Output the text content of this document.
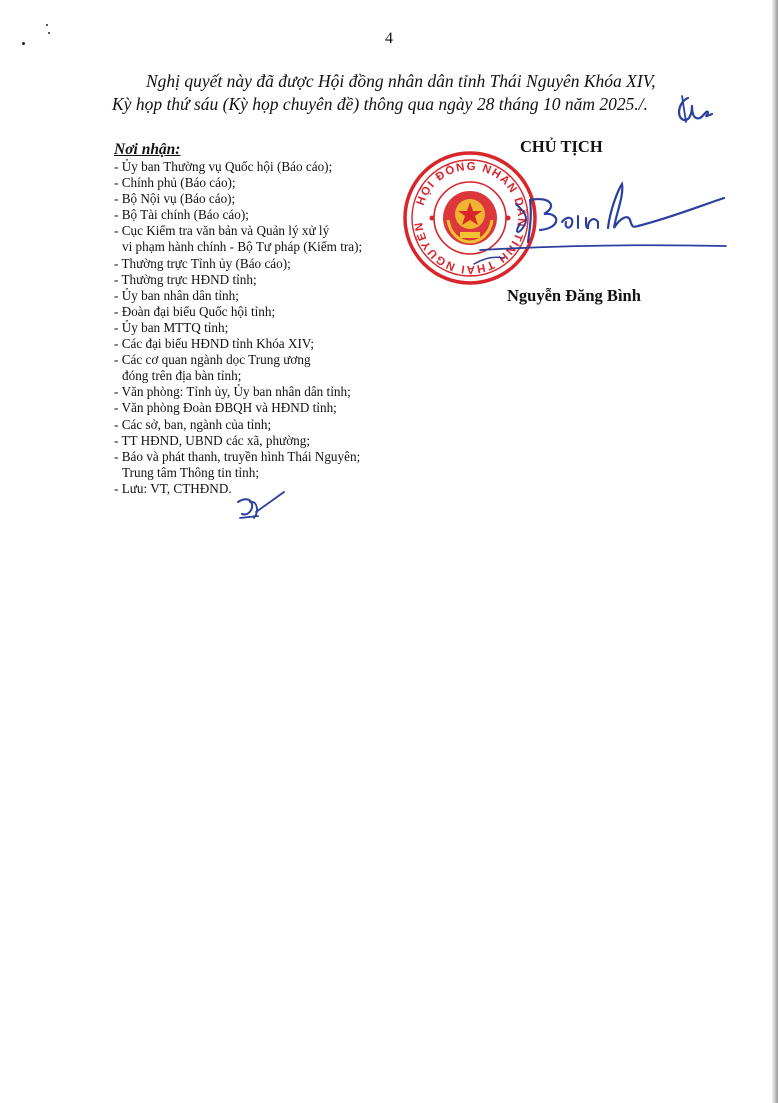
4
Nghị quyết này đã được Hội đồng nhân dân tỉnh Thái Nguyên Khóa XIV,
Kỳ họp thứ sáu (Kỳ họp chuyên đề) thông qua ngày 28 tháng 10 năm 2025./.
Nơi nhận:
- Ủy ban Thường vụ Quốc hội (Báo cáo);
- Chính phủ (Báo cáo);
- Bộ Nội vụ (Báo cáo);
- Bộ Tài chính (Báo cáo);
- Cục Kiểm tra văn bản và Quản lý xử lý
vi phạm hành chính - Bộ Tư pháp (Kiểm tra);
- Thường trực Tỉnh ủy (Báo cáo);
- Thường trực HĐND tỉnh;
- Ủy ban nhân dân tỉnh;
- Đoàn đại biểu Quốc hội tỉnh;
- Ủy ban MTTQ tỉnh;
- Các đại biểu HĐND tỉnh Khóa XIV;
- Các cơ quan ngành dọc Trung ương
đóng trên địa bàn tỉnh;
- Văn phòng: Tỉnh ủy, Ủy ban nhân dân tỉnh;
- Văn phòng Đoàn ĐBQH và HĐND tỉnh;
- Các sở, ban, ngành của tỉnh;
- TT HĐND, UBND các xã, phường;
- Báo và phát thanh, truyền hình Thái Nguyên;
Trung tâm Thông tin tỉnh;
- Lưu: VT, CTHĐND.
CHỦ TỊCH
HỘI ĐỒNG NHÂN DÂN TỈNH THÁI NGUYÊN
Nguyễn Đăng Bình
